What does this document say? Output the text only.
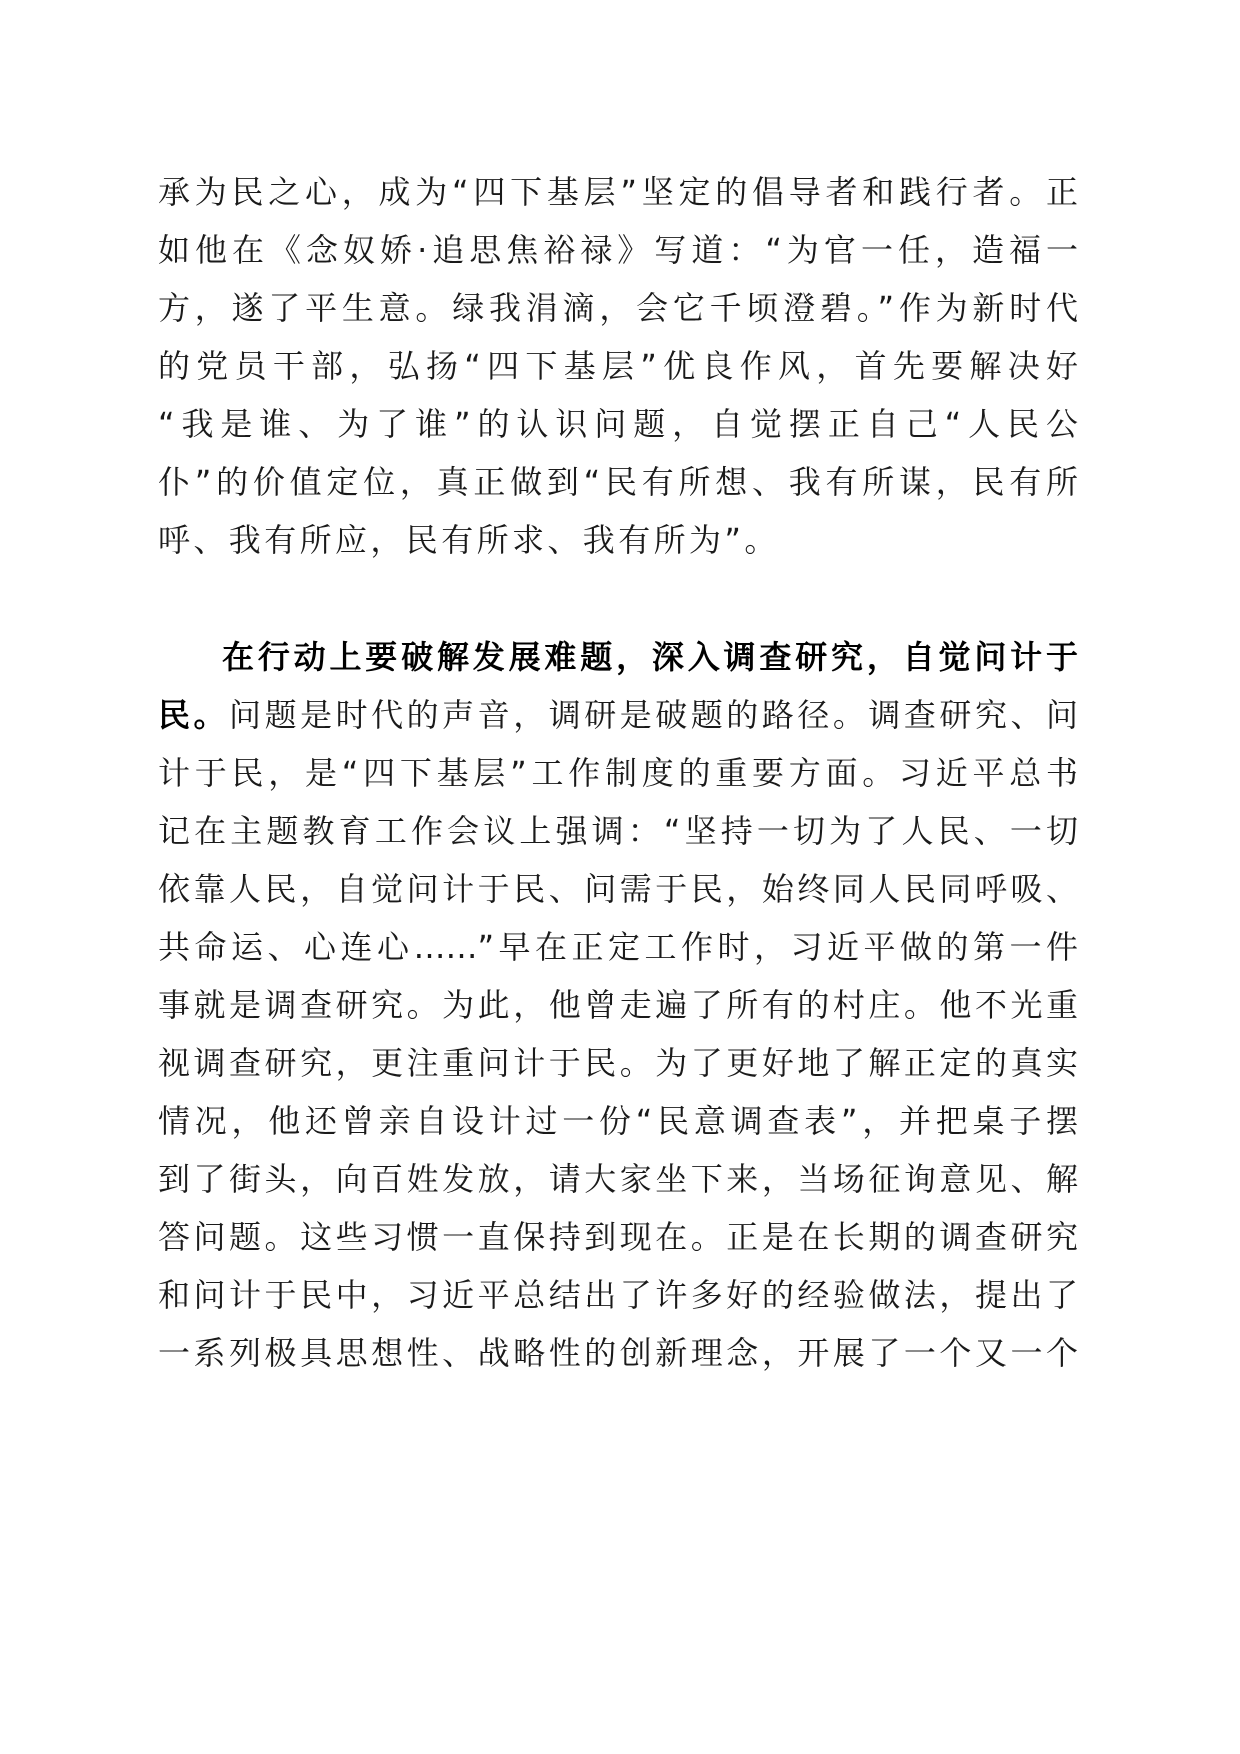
承为民之心，成为“四下基层”坚定的倡导者和践行者。正
如他在《念奴娇·追思焦裕禄》写道：“为官一任，造福一
方，遂了平生意。绿我涓滴，会它千顷澄碧。”作为新时代
的党员干部，弘扬“四下基层”优良作风，首先要解决好
“我是谁、为了谁”的认识问题，自觉摆正自己“人民公
仆”的价值定位，真正做到“民有所想、我有所谋，民有所
呼、我有所应，民有所求、我有所为”。
在行动上要破解发展难题，深入调查研究，自觉问计于
民。问题是时代的声音，调研是破题的路径。调查研究、问
计于民，是“四下基层”工作制度的重要方面。习近平总书
记在主题教育工作会议上强调：“坚持一切为了人民、一切
依靠人民，自觉问计于民、问需于民，始终同人民同呼吸、
共命运、心连心……”早在正定工作时，习近平做的第一件
事就是调查研究。为此，他曾走遍了所有的村庄。他不光重
视调查研究，更注重问计于民。为了更好地了解正定的真实
情况，他还曾亲自设计过一份“民意调查表”，并把桌子摆
到了街头，向百姓发放，请大家坐下来，当场征询意见、解
答问题。这些习惯一直保持到现在。正是在长期的调查研究
和问计于民中，习近平总结出了许多好的经验做法，提出了
一系列极具思想性、战略性的创新理念，开展了一个又一个
